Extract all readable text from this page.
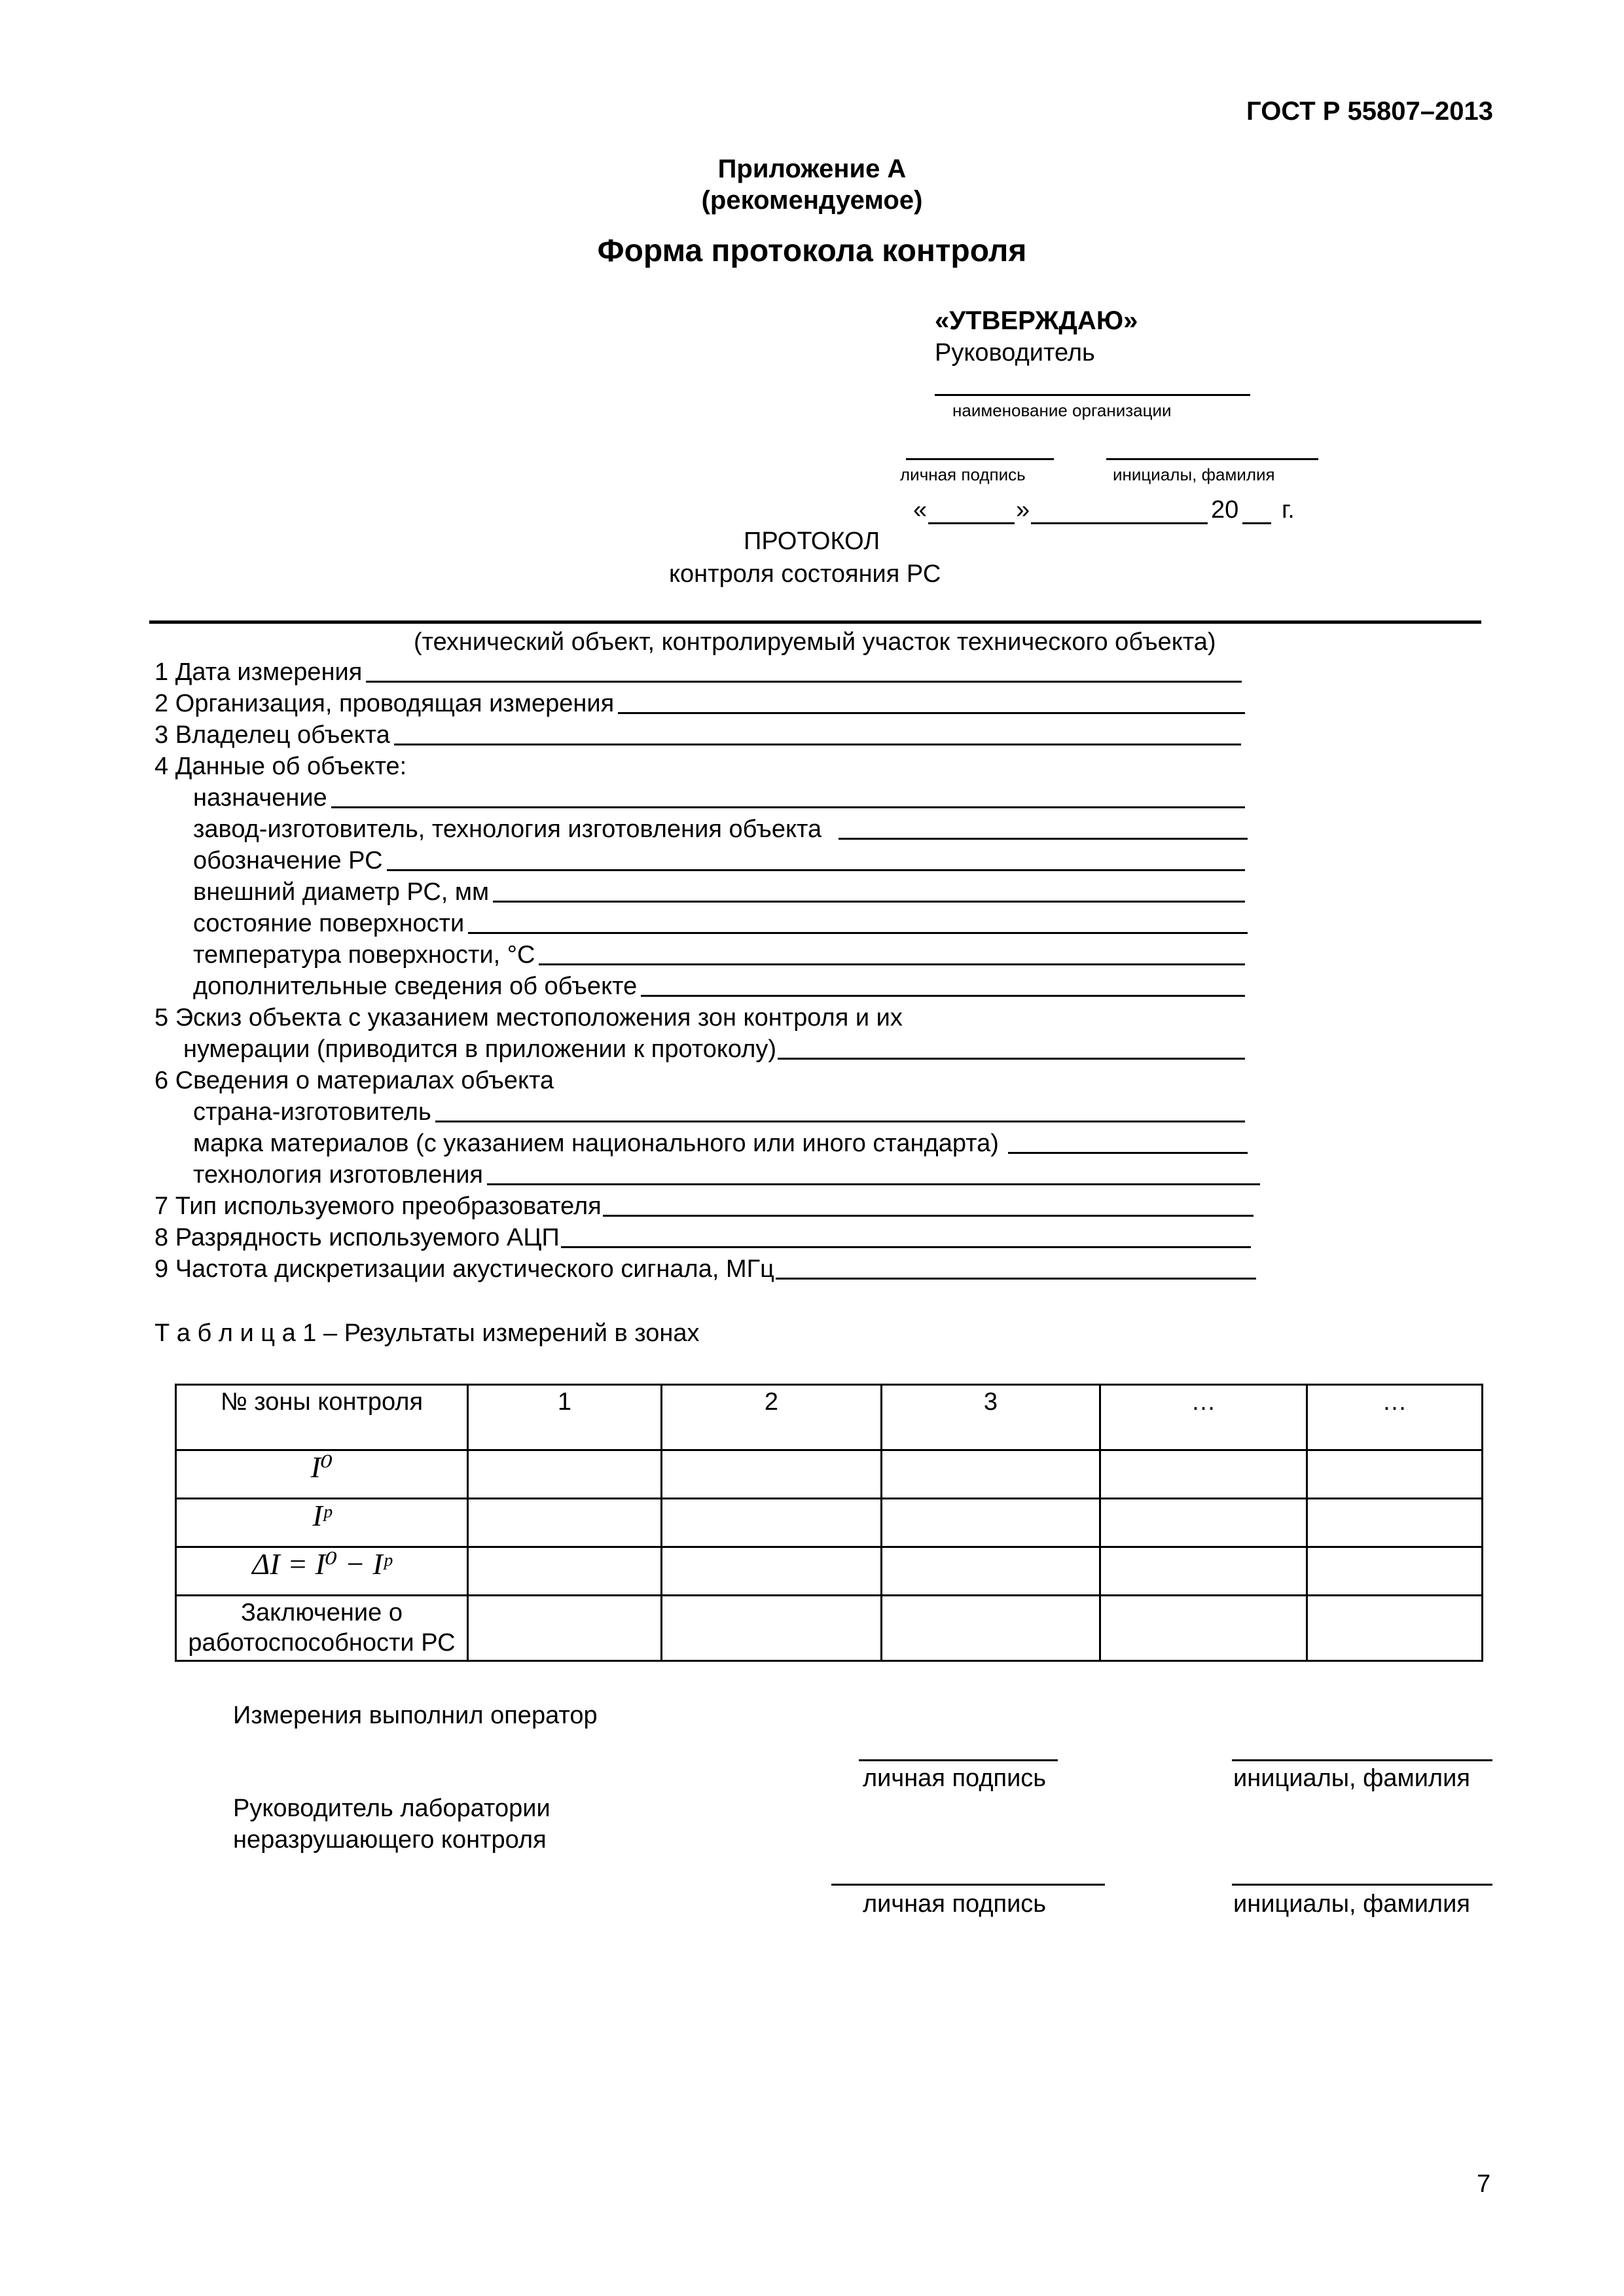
ГОСТ Р 55807–2013
Приложение А
(рекомендуемое)
Форма протокола контроля
«УТВЕРЖДАЮ»
Руководитель
наименование организации
личная подпись	инициалы, фамилия
«	»	20 г.
ПРОТОКОЛ
контроля состояния РС
(технический объект, контролируемый участок технического объекта)
1 Дата измерения
2 Организация, проводящая измерения
3 Владелец объекта
4 Данные об объекте:
назначение
завод-изготовитель, технология изготовления объекта
обозначение РС
внешний диаметр РС, мм
состояние поверхности
температура поверхности, °С
дополнительные сведения об объекте
5 Эскиз объекта с указанием местоположения зон контроля и их
нумерации (приводится в приложении к протоколу)
6 Сведения о материалах объекта
страна-изготовитель
марка материалов (с указанием национального или иного стандарта)
технология изготовления
7 Тип используемого преобразователя
8 Разрядность используемого АЦП
9 Частота дискретизации акустического сигнала, МГц
Т а б л и ц а 1 – Результаты измерений в зонах
№ зоны контроля	1	2	3	…	…
I⁰					
Iᵖ					
ΔI = I⁰ − Iᵖ					
Заключение о работоспособности РС					
Измерения выполнил оператор
личная подпись	инициалы, фамилия
Руководитель лаборатории
неразрушающего контроля
личная подпись	инициалы, фамилия
7
